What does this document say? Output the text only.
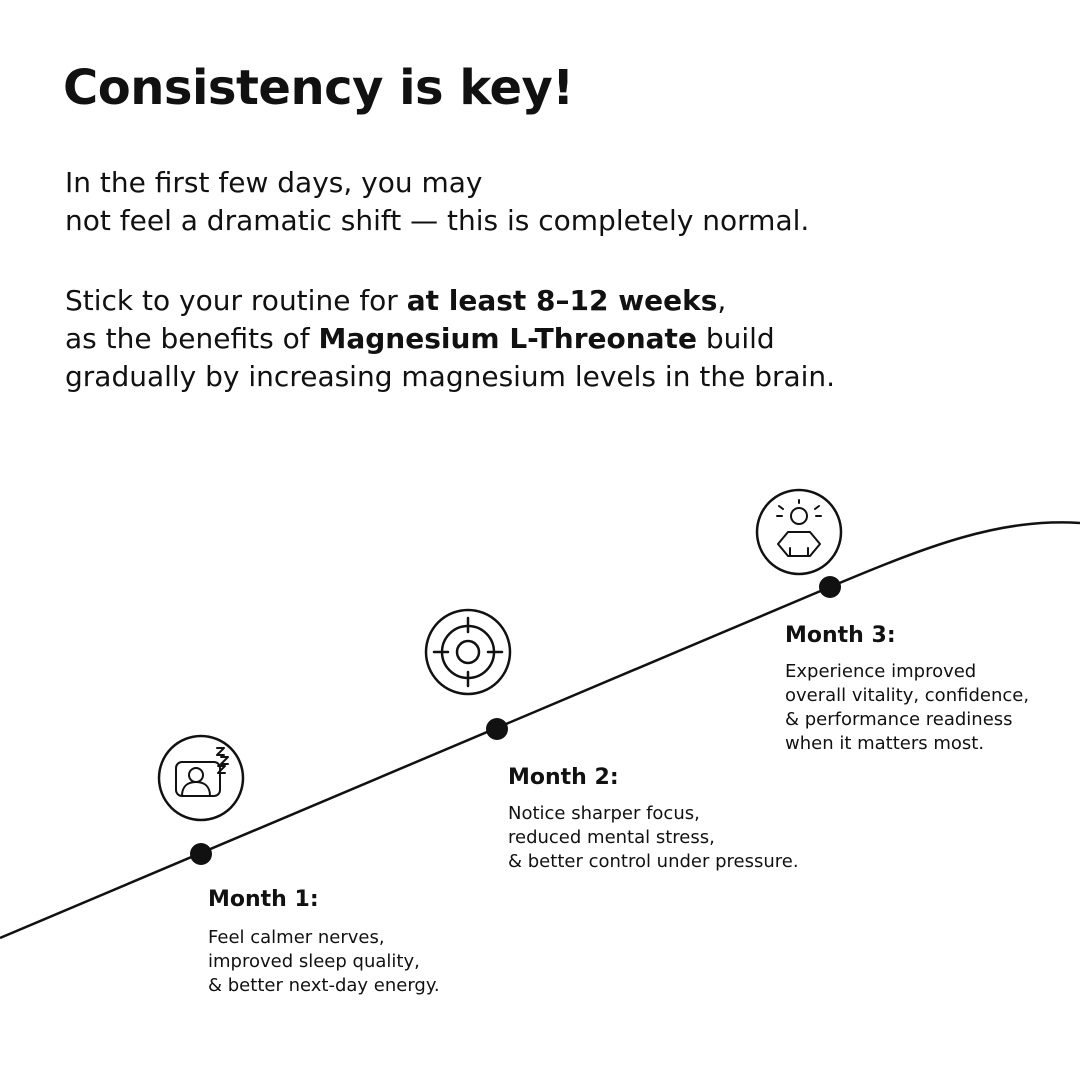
Consistency is key!

In the first few days, you may
not feel a dramatic shift — this is completely normal.

Stick to your routine for at least 8–12 weeks,
as the benefits of Magnesium L-Threonate build
gradually by increasing magnesium levels in the brain.

Month 1:

Feel calmer nerves,
improved sleep quality,
& better next-day energy.

Month 2:

Notice sharper focus,
reduced mental stress,
& better control under pressure.

Month 3:

Experience improved
overall vitality, confidence,
& performance readiness
when it matters most.
